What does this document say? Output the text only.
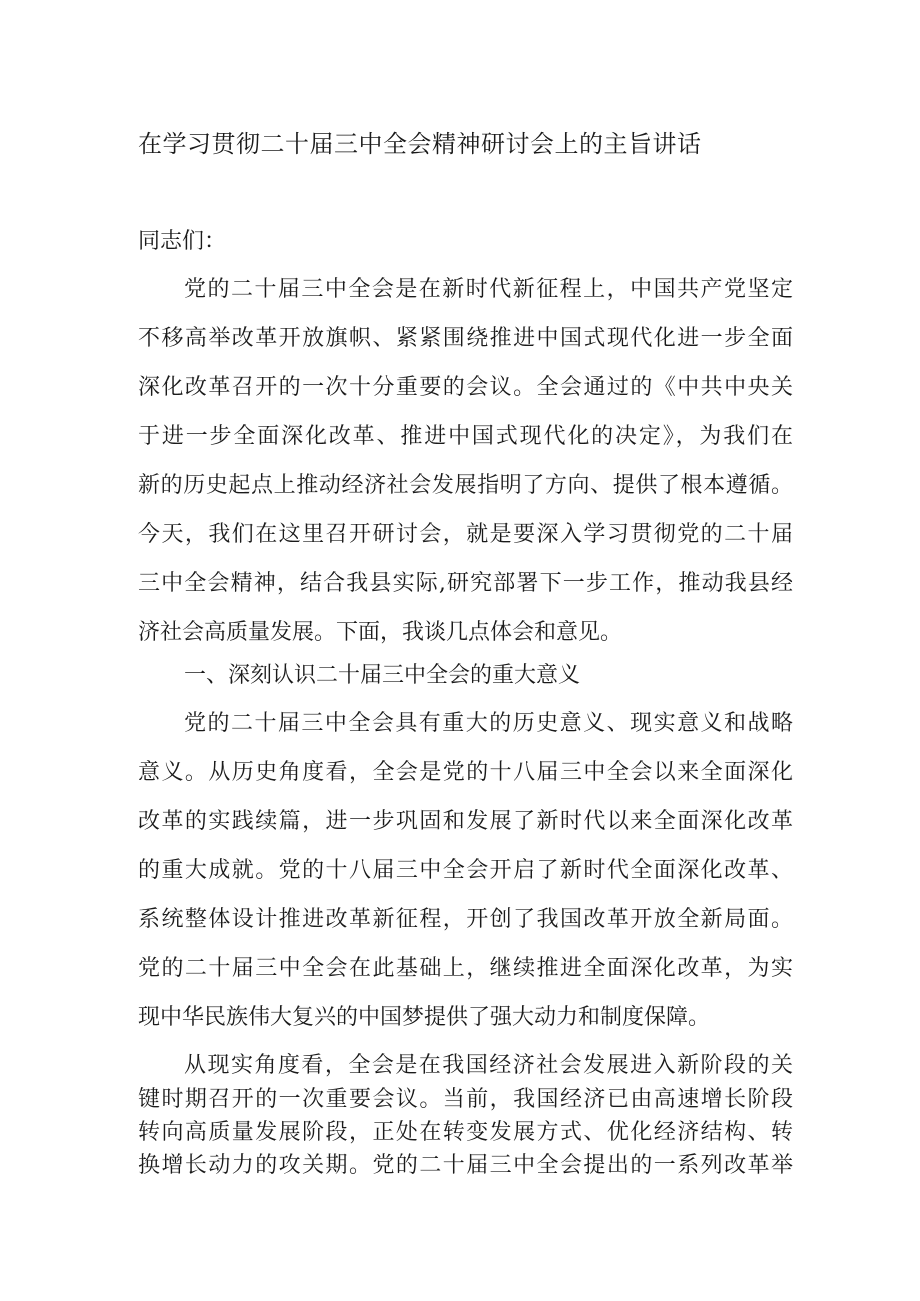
在学习贯彻二十届三中全会精神研讨会上的主旨讲话

同志们：

党的二十届三中全会是在新时代新征程上，中国共产党坚定

不移高举改革开放旗帜、紧紧围绕推进中国式现代化进一步全面

深化改革召开的一次十分重要的会议。全会通过的《中共中央关

于进一步全面深化改革、推进中国式现代化的决定》，为我们在

新的历史起点上推动经济社会发展指明了方向、提供了根本遵循。

今天，我们在这里召开研讨会，就是要深入学习贯彻党的二十届

三中全会精神，结合我县实际,研究部署下一步工作，推动我县经

济社会高质量发展。下面，我谈几点体会和意见。

一、深刻认识二十届三中全会的重大意义

党的二十届三中全会具有重大的历史意义、现实意义和战略

意义。从历史角度看，全会是党的十八届三中全会以来全面深化

改革的实践续篇，进一步巩固和发展了新时代以来全面深化改革

的重大成就。党的十八届三中全会开启了新时代全面深化改革、

系统整体设计推进改革新征程，开创了我国改革开放全新局面。

党的二十届三中全会在此基础上，继续推进全面深化改革，为实

现中华民族伟大复兴的中国梦提供了强大动力和制度保障。

从现实角度看，全会是在我国经济社会发展进入新阶段的关

键时期召开的一次重要会议。当前，我国经济已由高速增长阶段

转向高质量发展阶段，正处在转变发展方式、优化经济结构、转

换增长动力的攻关期。党的二十届三中全会提出的一系列改革举
